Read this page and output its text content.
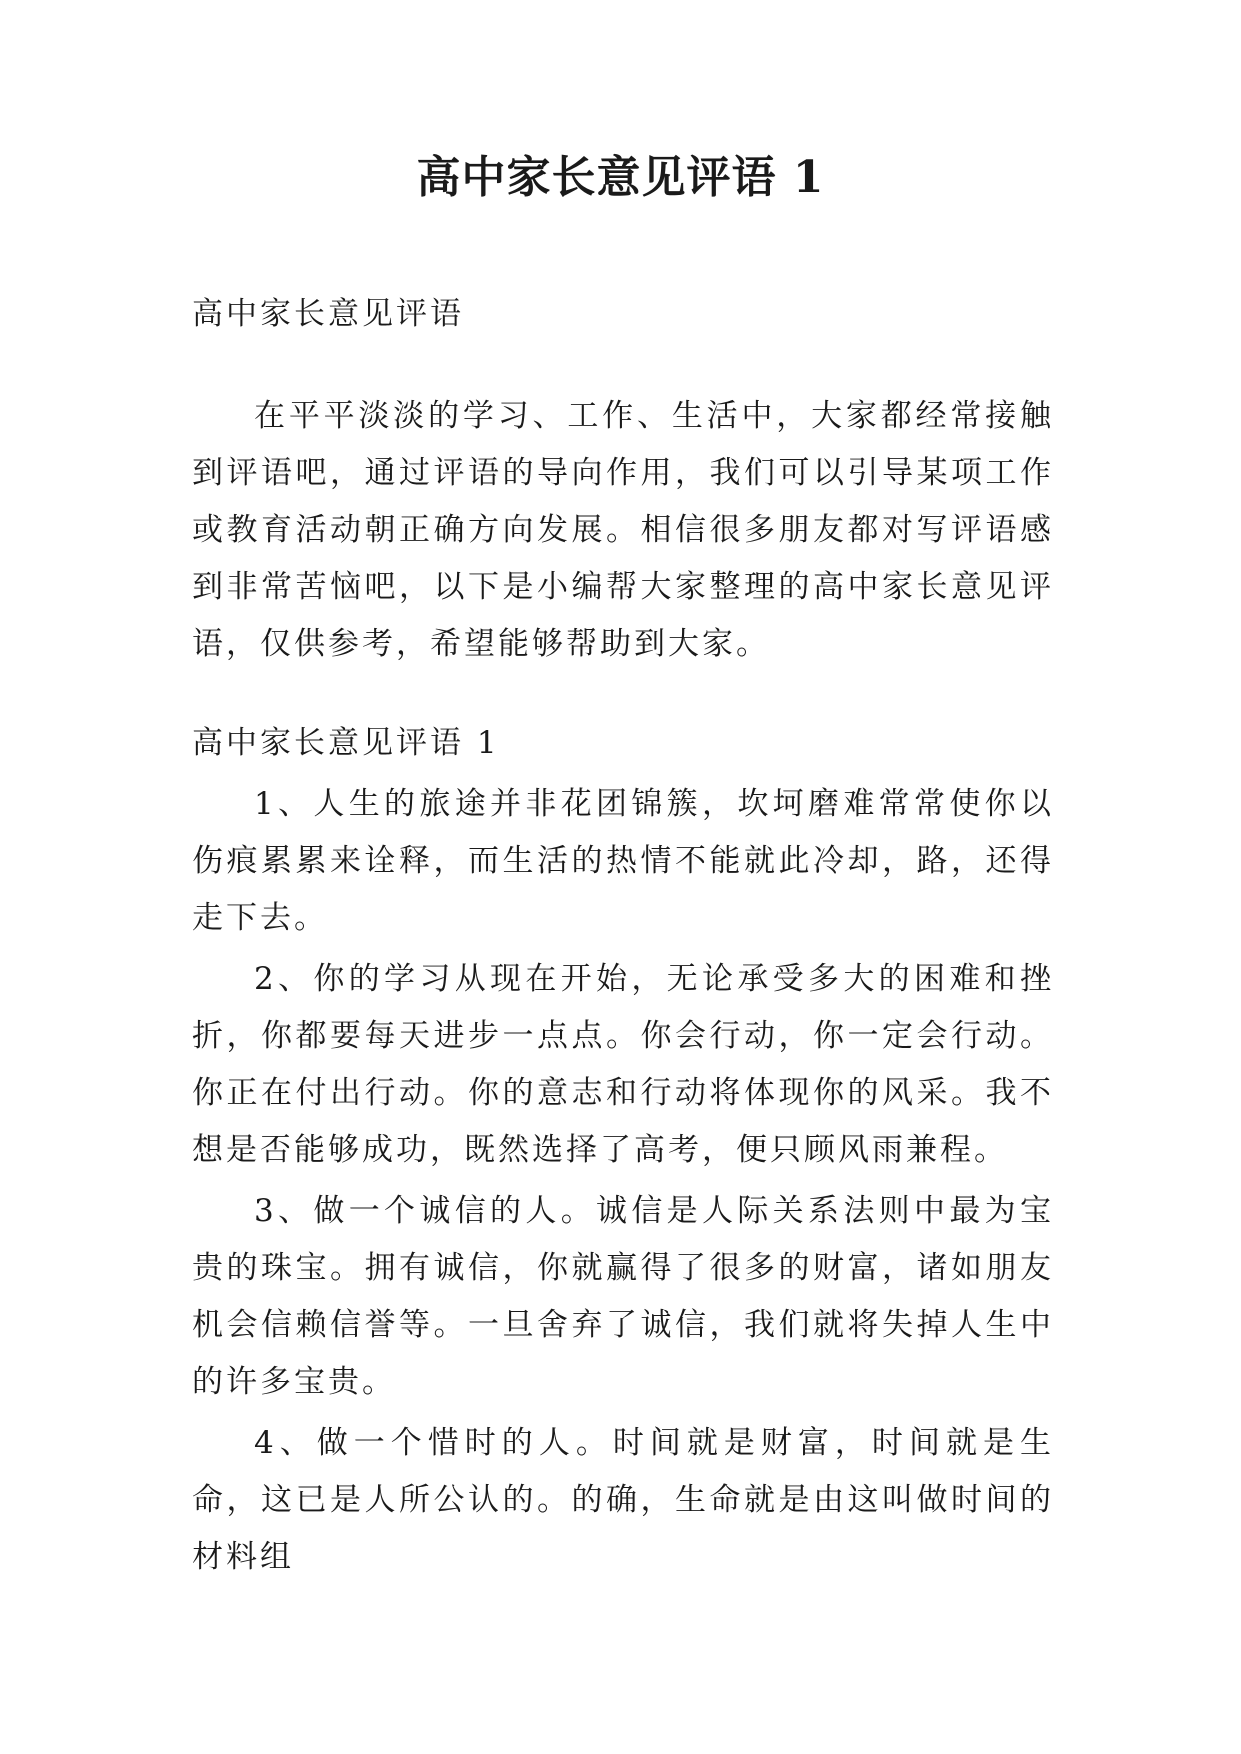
高中家长意见评语 1

高中家长意见评语

在平平淡淡的学习、工作、生活中，大家都经常接触到评语吧，通过评语的导向作用，我们可以引导某项工作或教育活动朝正确方向发展。相信很多朋友都对写评语感到非常苦恼吧，以下是小编帮大家整理的高中家长意见评语，仅供参考，希望能够帮助到大家。

高中家长意见评语 1

1、人生的旅途并非花团锦簇，坎坷磨难常常使你以伤痕累累来诠释，而生活的热情不能就此冷却，路，还得走下去。

2、你的学习从现在开始，无论承受多大的困难和挫折，你都要每天进步一点点。你会行动，你一定会行动。你正在付出行动。你的意志和行动将体现你的风采。我不想是否能够成功，既然选择了高考，便只顾风雨兼程。

3、做一个诚信的人。诚信是人际关系法则中最为宝贵的珠宝。拥有诚信，你就赢得了很多的财富，诸如朋友机会信赖信誉等。一旦舍弃了诚信，我们就将失掉人生中的许多宝贵。

4、做一个惜时的人。时间就是财富，时间就是生命，这已是人所公认的。的确，生命就是由这叫做时间的材料组
